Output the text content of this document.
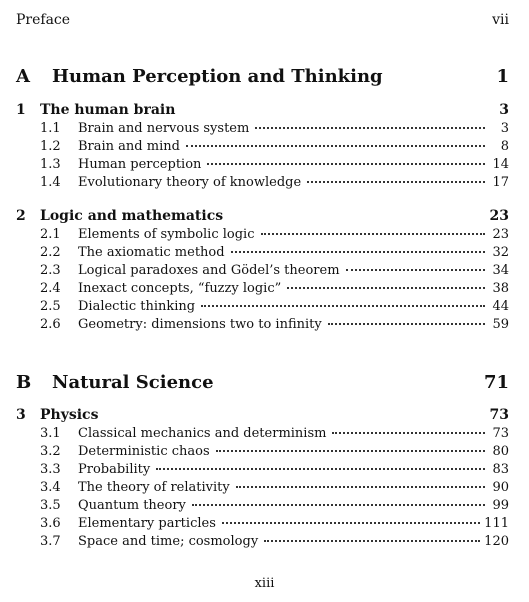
Preface	vii
A	Human Perception and Thinking	1
1	The human brain	3
1.1	Brain and nervous system	3
1.2	Brain and mind	8
1.3	Human perception	14
1.4	Evolutionary theory of knowledge	17
2	Logic and mathematics	23
2.1	Elements of symbolic logic	23
2.2	The axiomatic method	32
2.3	Logical paradoxes and Gödel’s theorem	34
2.4	Inexact concepts, “fuzzy logic”	38
2.5	Dialectic thinking	44
2.6	Geometry: dimensions two to infinity	59
B	Natural Science	71
3	Physics	73
3.1	Classical mechanics and determinism	73
3.2	Deterministic chaos	80
3.3	Probability	83
3.4	The theory of relativity	90
3.5	Quantum theory	99
3.6	Elementary particles	111
3.7	Space and time; cosmology	120
xiii
